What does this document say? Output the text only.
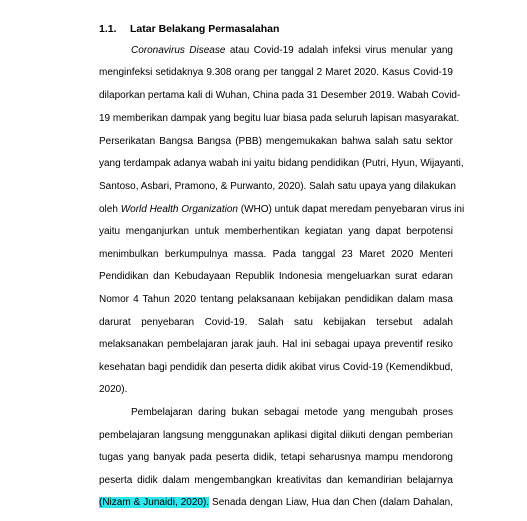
1.1. Latar Belakang Permasalahan
Coronavirus Disease atau Covid-19 adalah infeksi virus menular yang
menginfeksi setidaknya 9.308 orang per tanggal 2 Maret 2020. Kasus Covid-19
dilaporkan pertama kali di Wuhan, China pada 31 Desember 2019. Wabah Covid-
19 memberikan dampak yang begitu luar biasa pada seluruh lapisan masyarakat.
Perserikatan Bangsa Bangsa (PBB) mengemukakan bahwa salah satu sektor
yang terdampak adanya wabah ini yaitu bidang pendidikan (Putri, Hyun, Wijayanti,
Santoso, Asbari, Pramono, & Purwanto, 2020). Salah satu upaya yang dilakukan
oleh World Health Organization (WHO) untuk dapat meredam penyebaran virus ini
yaitu menganjurkan untuk memberhentikan kegiatan yang dapat berpotensi
menimbulkan berkumpulnya massa. Pada tanggal 23 Maret 2020 Menteri
Pendidikan dan Kebudayaan Republik Indonesia mengeluarkan surat edaran
Nomor 4 Tahun 2020 tentang pelaksanaan kebijakan pendidikan dalam masa
darurat penyebaran Covid-19. Salah satu kebijakan tersebut adalah
melaksanakan pembelajaran jarak jauh. Hal ini sebagai upaya preventif resiko
kesehatan bagi pendidik dan peserta didik akibat virus Covid-19 (Kemendikbud,
2020).
Pembelajaran daring bukan sebagai metode yang mengubah proses
pembelajaran langsung menggunakan aplikasi digital diikuti dengan pemberian
tugas yang banyak pada peserta didik, tetapi seharusnya mampu mendorong
peserta didik dalam mengembangkan kreativitas dan kemandirian belajarnya
(Nizam & Junaidi, 2020). Senada dengan Liaw, Hua dan Chen (dalam Dahalan,
